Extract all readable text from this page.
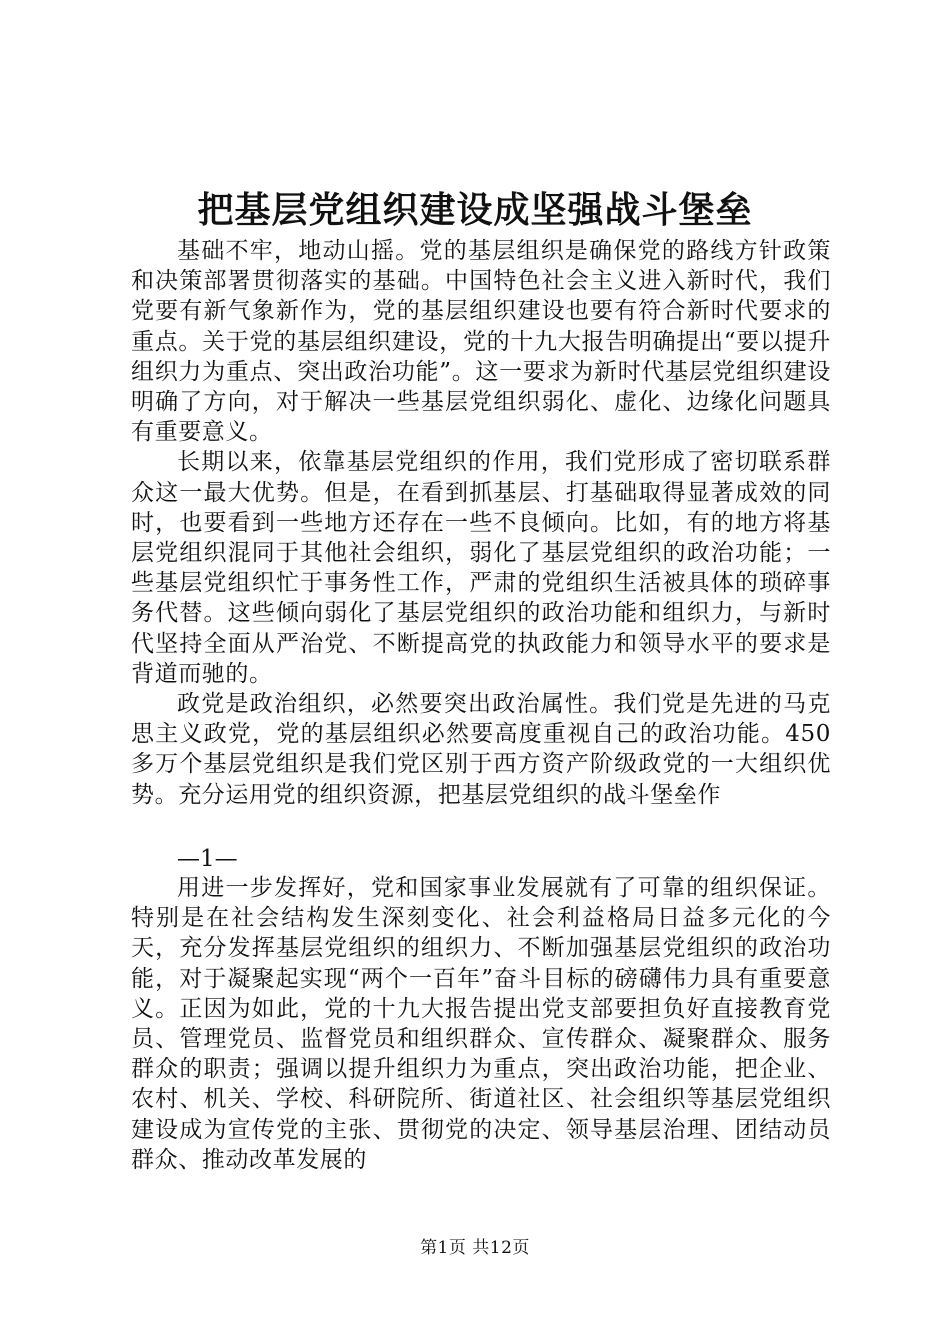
把基层党组织建设成坚强战斗堡垒

基础不牢，地动山摇。党的基层组织是确保党的路线方针政策和决策部署贯彻落实的基础。中国特色社会主义进入新时代，我们党要有新气象新作为，党的基层组织建设也要有符合新时代要求的重点。关于党的基层组织建设，党的十九大报告明确提出“要以提升组织力为重点、突出政治功能”。这一要求为新时代基层党组织建设明确了方向，对于解决一些基层党组织弱化、虚化、边缘化问题具有重要意义。

长期以来，依靠基层党组织的作用，我们党形成了密切联系群众这一最大优势。但是，在看到抓基层、打基础取得显著成效的同时，也要看到一些地方还存在一些不良倾向。比如，有的地方将基层党组织混同于其他社会组织，弱化了基层党组织的政治功能；一些基层党组织忙于事务性工作，严肃的党组织生活被具体的琐碎事务代替。这些倾向弱化了基层党组织的政治功能和组织力，与新时代坚持全面从严治党、不断提高党的执政能力和领导水平的要求是背道而驰的。

政党是政治组织，必然要突出政治属性。我们党是先进的马克思主义政党，党的基层组织必然要高度重视自己的政治功能。450多万个基层党组织是我们党区别于西方资产阶级政党的一大组织优势。充分运用党的组织资源，把基层党组织的战斗堡垒作

—1—

用进一步发挥好，党和国家事业发展就有了可靠的组织保证。特别是在社会结构发生深刻变化、社会利益格局日益多元化的今天，充分发挥基层党组织的组织力、不断加强基层党组织的政治功能，对于凝聚起实现“两个一百年”奋斗目标的磅礴伟力具有重要意义。正因为如此，党的十九大报告提出党支部要担负好直接教育党员、管理党员、监督党员和组织群众、宣传群众、凝聚群众、服务群众的职责；强调以提升组织力为重点，突出政治功能，把企业、农村、机关、学校、科研院所、街道社区、社会组织等基层党组织建设成为宣传党的主张、贯彻党的决定、领导基层治理、团结动员群众、推动改革发展的

第1页 共12页
